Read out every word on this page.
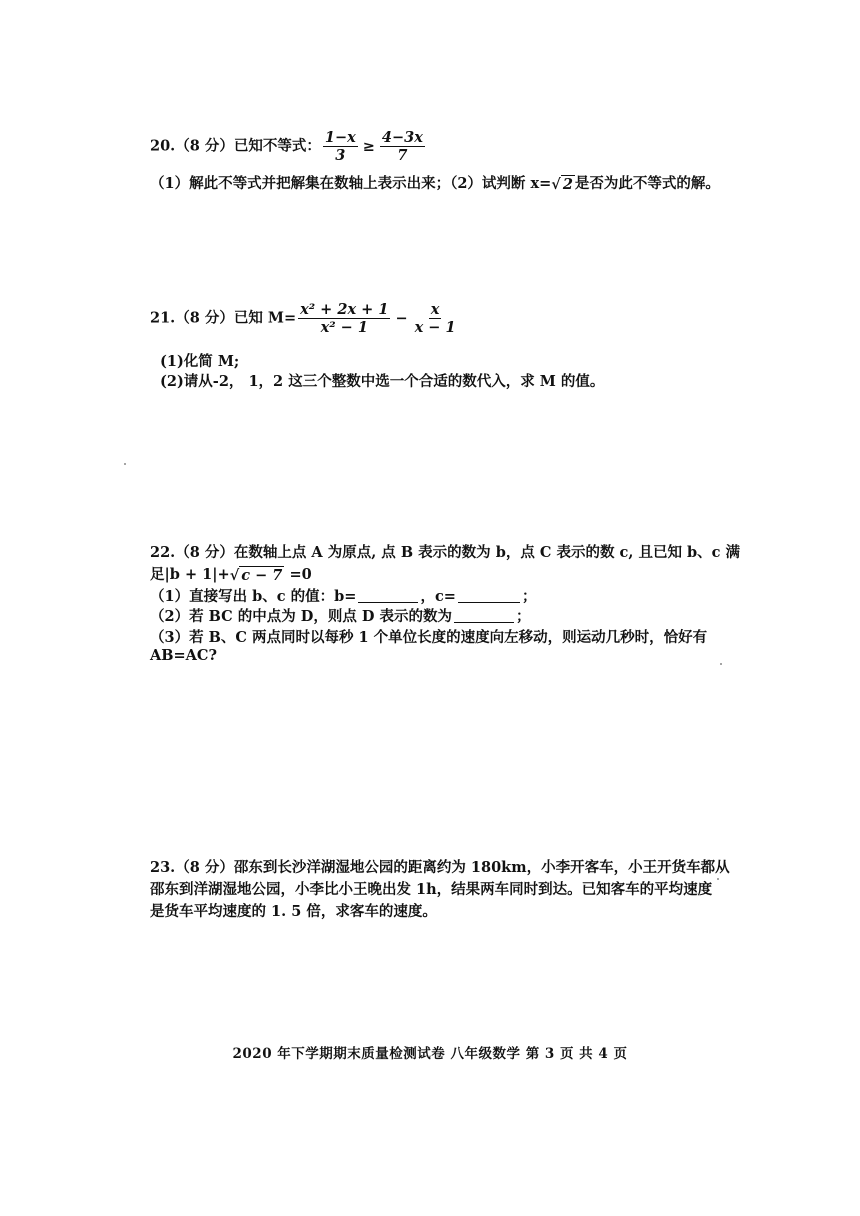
20.（8 分）已知不等式： $\frac{1-x}{3} \ge \frac{4-3x}{7}$
（1）解此不等式并把解集在数轴上表示出来；（2）试判断 x=√ 2 是否为此不等式的解。
21.（8 分）已知 $M= \frac{\text{x² + 2x + 1}}{\text{x² − 1}} - \frac{x}{x - 1}$
(1)化简 M;
(2)请从-2， 1，2 这三个整数中选一个合适的数代入，求 M 的值。
22.（8 分）在数轴上点 A 为原点, 点 B 表示的数为 b，点 C 表示的数 c, 且已知 b、c 满
足|b + 1|+√ c − 7 =0
（1）直接写出 b、c 的值：b=	，c=	；
（2）若 BC 的中点为 D，则点 D 表示的数为	；
（3）若 B、C 两点同时以每秒 1 个单位长度的速度向左移动，则运动几秒时，恰好有
AB=AC?
23.（8 分）邵东到长沙洋湖湿地公园的距离约为 180km，小李开客车，小王开货车都从
邵东到洋湖湿地公园，小李比小王晚出发 1h，结果两车同时到达。已知客车的平均速度
是货车平均速度的 1. 5 倍，求客车的速度。
2020 年下学期期末质量检测试卷 八年级数学 第 3 页 共 4 页
